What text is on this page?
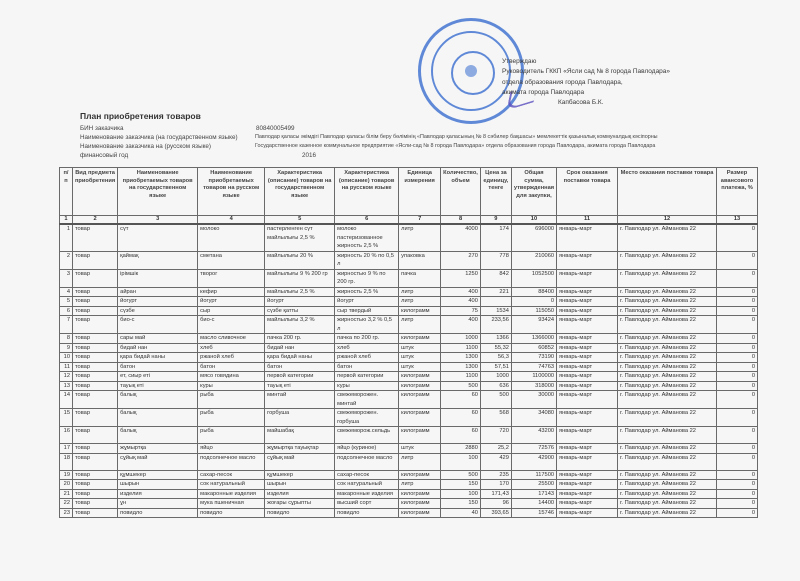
Утверждаю
Руководитель ГККП «Ясли сад № 8 города Павлодара»
отдела образования города Павлодара,
акимата города Павлодара
Капбасова Б.К.
План приобретения товаров
БИН заказчика	80840005499
Наименование заказчика (на государственном языке)	Павлодар қаласы әкімдігі Павлодар қаласы білім беру бөлімінің «Павлодар қаласының № 8 сәбилер бақшасы» мемлекеттік қазыналық коммуналдық кәсіпорны
Наименование заказчика на (русском языке)	Государственное казенное коммунальное предприятие «Ясли-сад № 8 города Павлодара» отдела образования города Павлодара, акимата города Павлодара
финансовый год	2016
п/п	Вид предмета приобретения	Наименование приобретаемых товаров на государственном языке	Наименование приобретаемых товаров на русском языке	Характеристика (описание) товаров на государственном языке	Характеристика (описание) товаров на русском языке	Единица измерения	Количество, объем	Цена за единицу, тенге	Общая сумма, утвержденная для закупки,	Срок оказания поставки товара	Место оказания поставки товара	Размер авансового платежа, %
1	2	3	4	5	6	7	8	9	10	11	12	13
1	товар	сүт	молоко	пастерленген сүт майлылығы 2,5 %	молоко пастеризованное жирность 2,5 %	литр	4000	174	696000	январь-март	г. Павлодар ул. Айманова 22	0
2	товар	қаймақ	сметана	майлылығы 20 %	жирность 20 % по 0,5 л	упаковка	270	778	210060	январь-март	г. Павлодар ул. Айманова 22	0
3	товар	ірімшік	творог	майлылығы 9 % 200 гр	жирностью 9 % по 200 гр.	пачка	1250	842	1052500	январь-март	г. Павлодар ул. Айманова 22	0
4	товар	айран	кефир	майлылығы 2,5 %	жирность 2,5 %	литр	400	221	88400	январь-март	г. Павлодар ул. Айманова 22	0
5	товар	йогурт	йогурт	йогурт	йогурт	литр	400		0	январь-март	г. Павлодар ул. Айманова 22	0
6	товар	сүзбе	сыр	сүзбе қатты	сыр твердый	килограмм	75	1534	115050	январь-март	г. Павлодар ул. Айманова 22	0
7	товар	био-с	био-с	майлылығы 3,2 %	жирностью 3,2 % 0,5 л	литр	400	233,56	93424	январь-март	г. Павлодар ул. Айманова 22	0
8	товар	сары май	масло сливочное	пачка 200 гр.	пачка по 200 гр.	килограмм	1000	1366	1366000	январь-март	г. Павлодар ул. Айманова 22	0
9	товар	бидай нан	хлеб	бидай нан	хлеб	штук	1100	55,32	60852	январь-март	г. Павлодар ул. Айманова 22	0
10	товар	қара бидай наны	ржаной хлеб	қара бидай наны	ржаной хлеб	штук	1300	56,3	73190	январь-март	г. Павлодар ул. Айманова 22	0
11	товар	батон	батон	батон	батон	штук	1300	57,51	74763	январь-март	г. Павлодар ул. Айманова 22	0
12	товар	ет, сиыр еті	мясо говядина	первой категории	первой категории	килограмм	1100	1000	1100000	январь-март	г. Павлодар ул. Айманова 22	0
13	товар	тауық еті	куры	тауық еті	куры	килограмм	500	636	318000	январь-март	г. Павлодар ул. Айманова 22	0
14	товар	балық	рыба	минтай	свежеморожен. минтай	килограмм	60	500	30000	январь-март	г. Павлодар ул. Айманова 22	0
15	товар	балық	рыба	горбуша	свежеморожен. горбуша	килограмм	60	568	34080	январь-март	г. Павлодар ул. Айманова 22	0
16	товар	балық	рыба	майшабақ	свежеморож.сельдь	килограмм	60	720	43200	январь-март	г. Павлодар ул. Айманова 22	0
17	товар	жұмыртқа	яйцо	жұмыртқа тауықтар	яйцо (куриное)	штук	2880	25,2	72576	январь-март	г. Павлодар ул. Айманова 22	0
18	товар	сұйық май	подсолнечное масло	сұйық май	подсолнечное масло	литр	100	429	42900	январь-март	г. Павлодар ул. Айманова 22	0
19	товар	құмшекер	сахар-песок	құмшекер	сахар-песок	килограмм	500	235	117500	январь-март	г. Павлодар ул. Айманова 22	0
20	товар	шырын	сок натуральный	шырын	сок натуральный	литр	150	170	25500	январь-март	г. Павлодар ул. Айманова 22	0
21	товар	изделия	макаронные изделия	изделия	макаронные изделия	килограмм	100	171,43	17143	январь-март	г. Павлодар ул. Айманова 22	0
22	товар	ұн	мука пшеничная	жоғары сұрыпты	высший сорт	килограмм	150	96	14400	январь-март	г. Павлодар ул. Айманова 22	0
23	товар	повидло	повидло	повидло	повидло	килограмм	40	393,65	15746	январь-март	г. Павлодар ул. Айманова 22	0
